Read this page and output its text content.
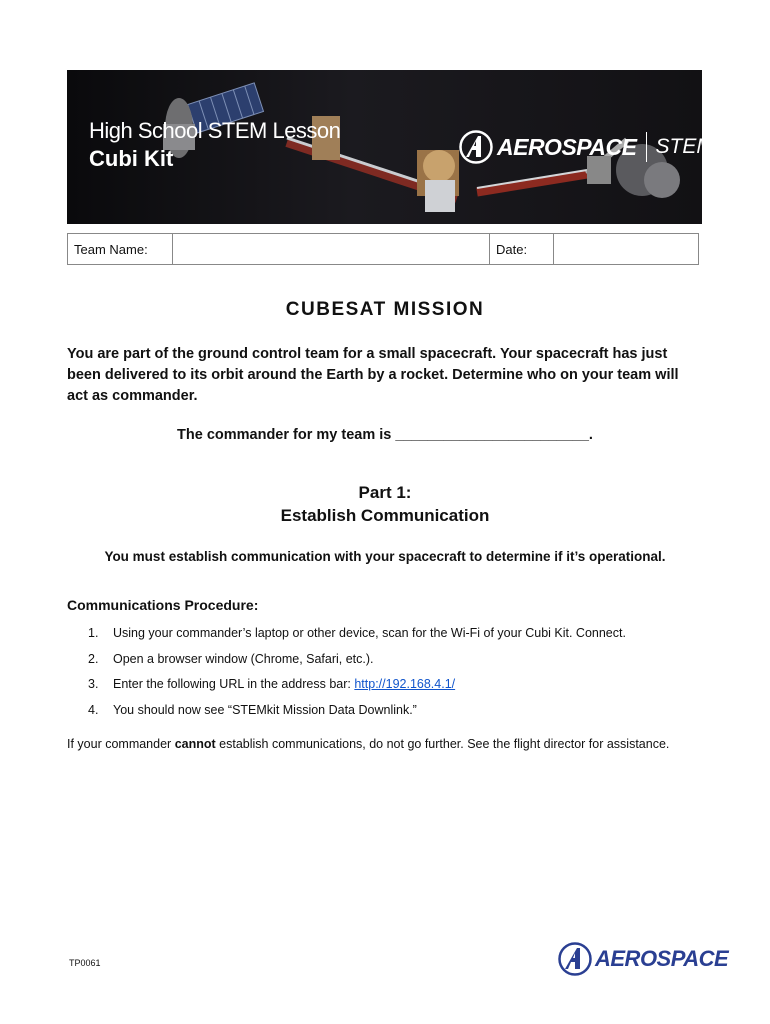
High School STEM Lesson
Cubi Kit	AEROSPACE STEM
Team Name:	Date:
CUBESAT MISSION
You are part of the ground control team for a small spacecraft. Your spacecraft has just been delivered to its orbit around the Earth by a rocket. Determine who on your team will act as commander.
The commander for my team is ________________________.
Part 1:
Establish Communication
You must establish communication with your spacecraft to determine if it’s operational.
Communications Procedure:
1.	Using your commander’s laptop or other device, scan for the Wi-Fi of your Cubi Kit. Connect.
2.	Open a browser window (Chrome, Safari, etc.).
3.	Enter the following URL in the address bar: http://192.168.4.1/
4.	You should now see “STEMkit Mission Data Downlink.”
If your commander cannot establish communications, do not go further. See the flight director for assistance.
TP0061	AEROSPACE
